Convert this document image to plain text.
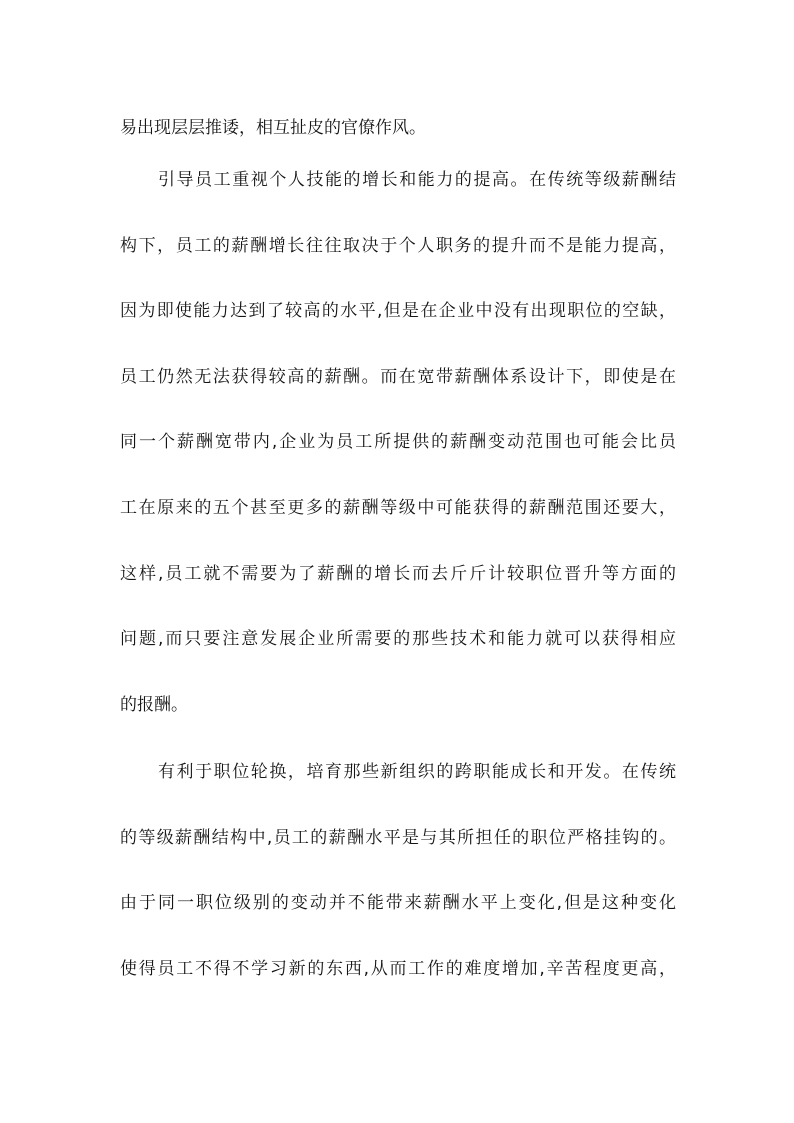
易出现层层推诿，相互扯皮的官僚作风。
引导员工重视个人技能的增长和能力的提高。在传统等级薪酬结
构下，员工的薪酬增长往往取决于个人职务的提升而不是能力提高，
因为即使能力达到了较高的水平,但是在企业中没有出现职位的空缺，
员工仍然无法获得较高的薪酬。而在宽带薪酬体系设计下，即使是在
同一个薪酬宽带内,企业为员工所提供的薪酬变动范围也可能会比员
工在原来的五个甚至更多的薪酬等级中可能获得的薪酬范围还要大，
这样,员工就不需要为了薪酬的增长而去斤斤计较职位晋升等方面的
问题,而只要注意发展企业所需要的那些技术和能力就可以获得相应
的报酬。
有利于职位轮换，培育那些新组织的跨职能成长和开发。在传统
的等级薪酬结构中,员工的薪酬水平是与其所担任的职位严格挂钩的。
由于同一职位级别的变动并不能带来薪酬水平上变化,但是这种变化
使得员工不得不学习新的东西,从而工作的难度增加,辛苦程度更高，
